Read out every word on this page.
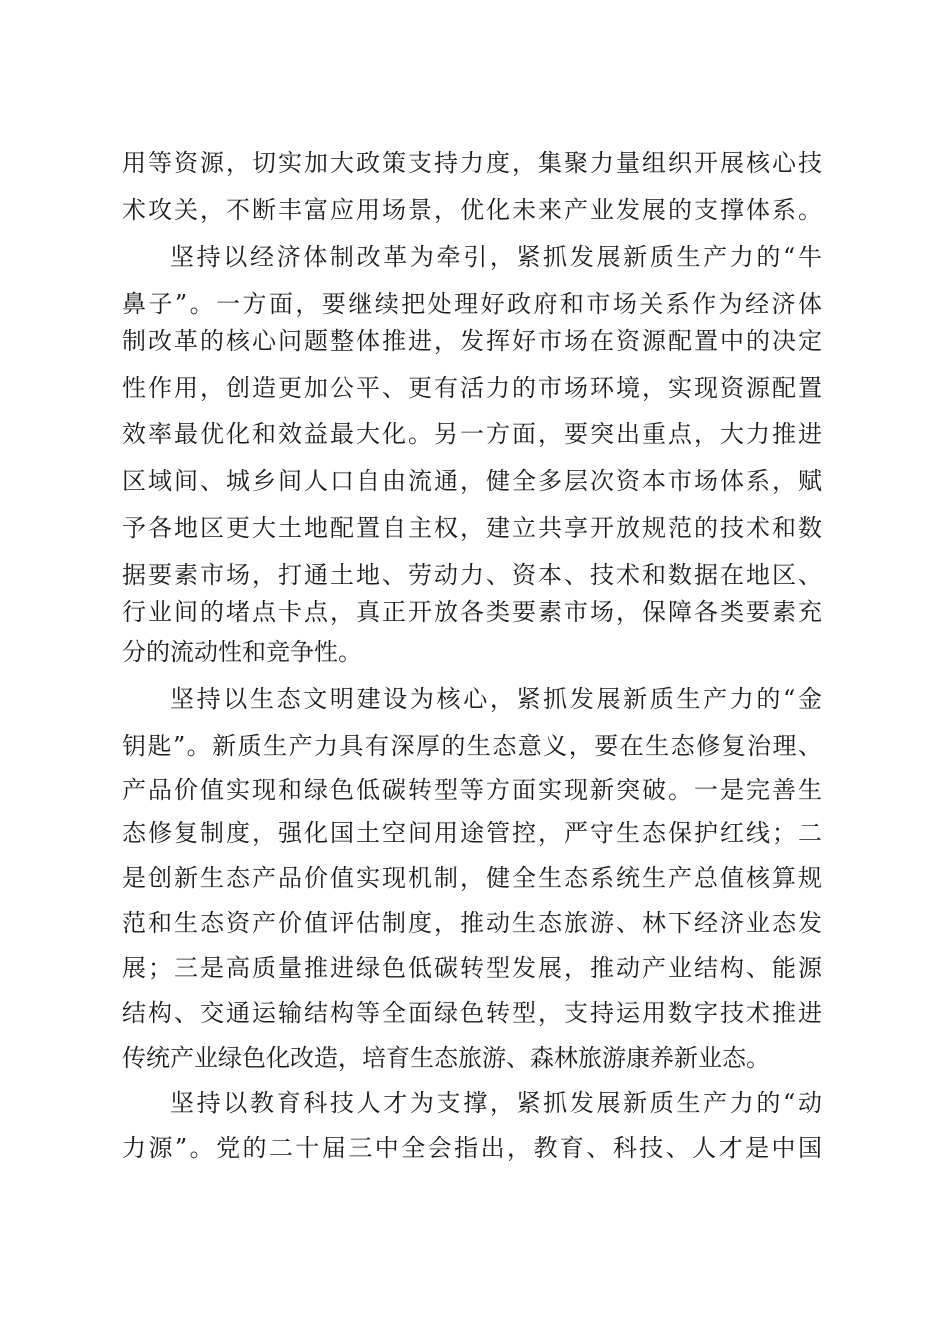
用等资源，切实加大政策支持力度，集聚力量组织开展核心技
术攻关，不断丰富应用场景，优化未来产业发展的支撑体系。
坚持以经济体制改革为牵引，紧抓发展新质生产力的“牛
鼻子”。一方面，要继续把处理好政府和市场关系作为经济体
制改革的核心问题整体推进，发挥好市场在资源配置中的决定
性作用，创造更加公平、更有活力的市场环境，实现资源配置
效率最优化和效益最大化。另一方面，要突出重点，大力推进
区域间、城乡间人口自由流通，健全多层次资本市场体系，赋
予各地区更大土地配置自主权，建立共享开放规范的技术和数
据要素市场，打通土地、劳动力、资本、技术和数据在地区、
行业间的堵点卡点，真正开放各类要素市场，保障各类要素充
分的流动性和竞争性。
坚持以生态文明建设为核心，紧抓发展新质生产力的“金
钥匙”。新质生产力具有深厚的生态意义，要在生态修复治理、
产品价值实现和绿色低碳转型等方面实现新突破。一是完善生
态修复制度，强化国土空间用途管控，严守生态保护红线；二
是创新生态产品价值实现机制，健全生态系统生产总值核算规
范和生态资产价值评估制度，推动生态旅游、林下经济业态发
展；三是高质量推进绿色低碳转型发展，推动产业结构、能源
结构、交通运输结构等全面绿色转型，支持运用数字技术推进
传统产业绿色化改造，培育生态旅游、森林旅游康养新业态。
坚持以教育科技人才为支撑，紧抓发展新质生产力的“动
力源”。党的二十届三中全会指出，教育、科技、人才是中国
